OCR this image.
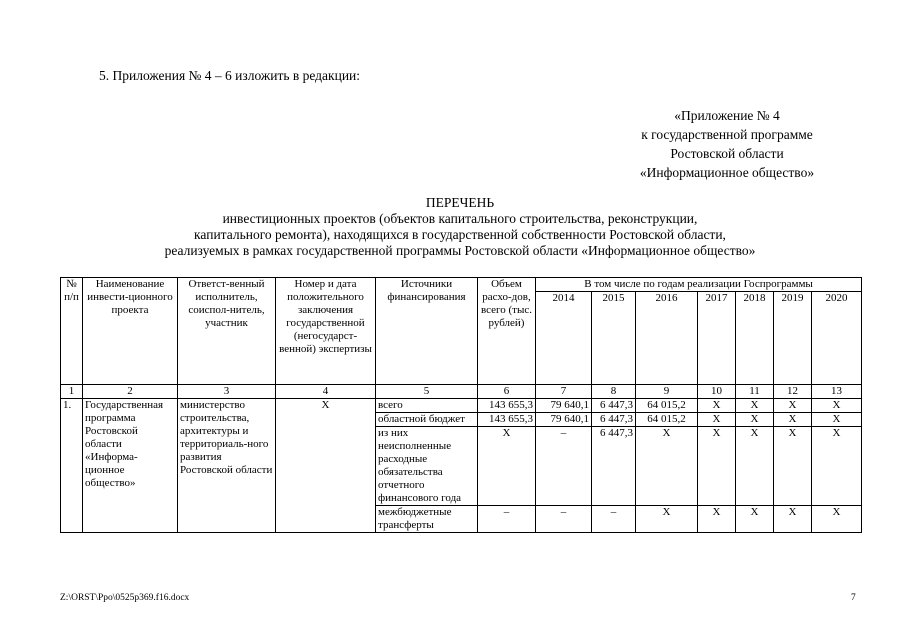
5. Приложения № 4 – 6 изложить в редакции:
«Приложение № 4
к государственной программе
Ростовской области
«Информационное общество»
ПЕРЕЧЕНЬ
инвестиционных проектов (объектов капитального строительства, реконструкции,
капитального ремонта), находящихся в государственной собственности Ростовской области,
реализуемых в рамках государственной программы Ростовской области «Информационное общество»
№ п/п	Наименование инвести-ционного проекта	Ответст-венный исполнитель, соиспол-нитель, участник	Номер и дата положительного заключения государственной (негосударст-венной) экспертизы	Источники финансирования	Объем расхо-дов, всего (тыс. рублей)	В том числе по годам реализации Госпрограммы						
						2014	2015	2016	2017	2018	2019	2020
1	2	3	4	5	6	7	8	9	10	11	12	13
1.	Государственная программа Ростовской области «Информа-ционное общество»	министерство строительства, архитектуры и территориаль-ного развития Ростовской области	Х	всего	143 655,3	79 640,1	6 447,3	64 015,2	Х	Х	Х	Х
				областной бюджет	143 655,3	79 640,1	6 447,3	64 015,2	Х	Х	Х	Х
				из них неисполненные расходные обязательства отчетного финансового года	Х	–	6 447,3	Х	Х	Х	Х	Х
				межбюджетные трансферты	–	–	–	Х	Х	Х	Х	Х
Z:\ORST\Ppo\0525p369.f16.docx	7
